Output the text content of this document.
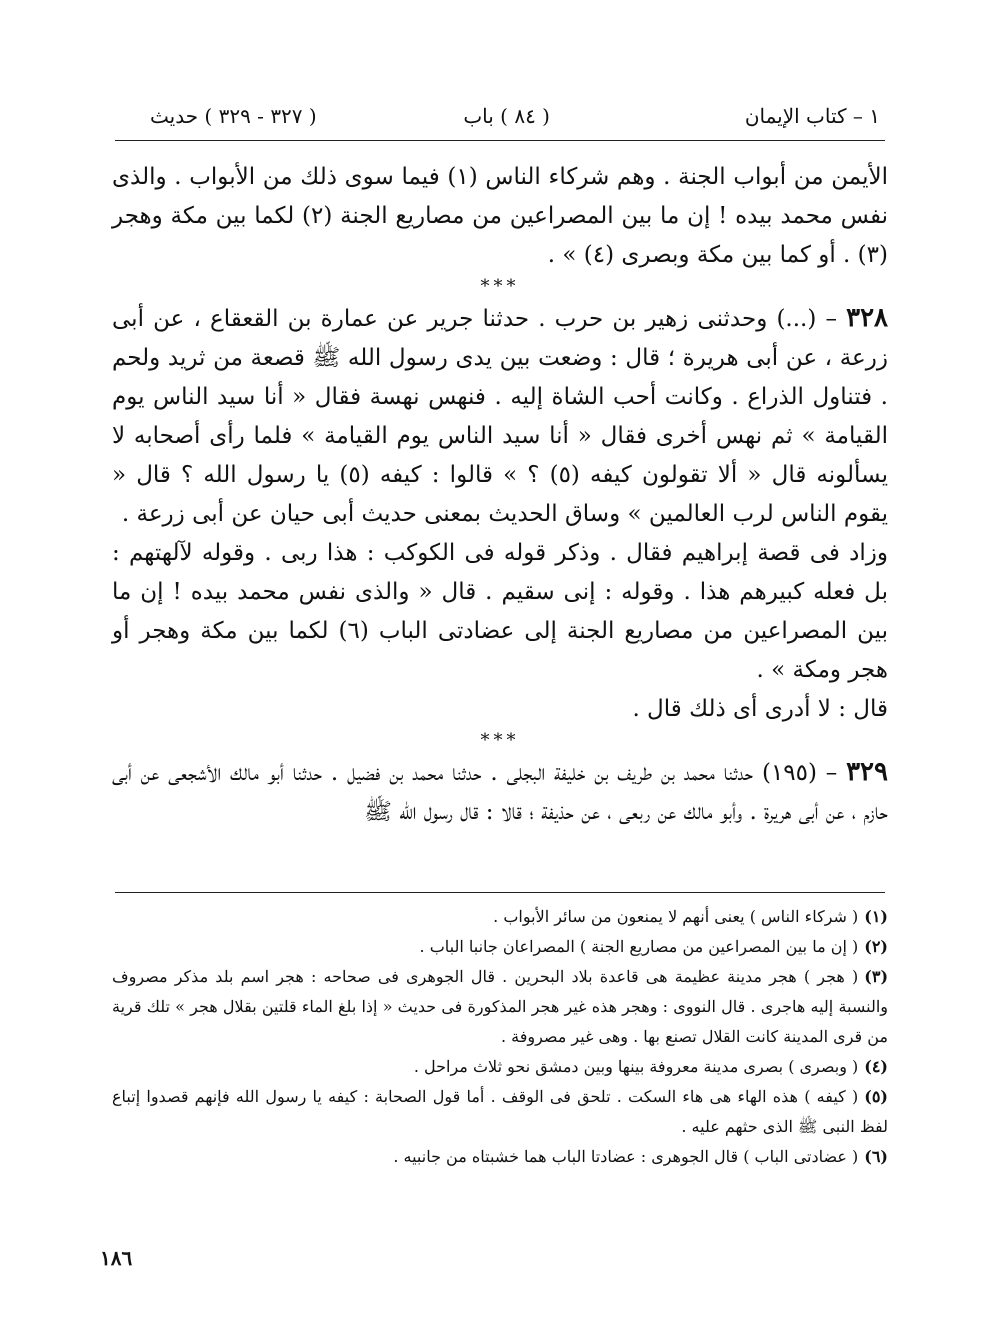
١ – كتاب الإيمان
( ٨٤ ) باب
( ٣٢٧ - ٣٢٩ ) حديث

الأيمن من أبواب الجنة . وهم شركاء الناس (١) فيما سوى ذلك من الأبواب . والذى نفس محمد بيده ! إن ما بين المصراعين من مصاريع الجنة (٢) لكما بين مكة وهجر (٣) . أو كما بين مكة وبصرى (٤) » .

***

٣٢٨ – (...) وحدثنى زهير بن حرب . حدثنا جرير عن عمارة بن القعقاع ، عن أبى زرعة ، عن أبى هريرة ؛ قال : وضعت بين يدى رسول الله ﷺ قصعة من ثريد ولحم . فتناول الذراع . وكانت أحب الشاة إليه . فنهس نهسة فقال « أنا سيد الناس يوم القيامة » ثم نهس أخرى فقال « أنا سيد الناس يوم القيامة » فلما رأى أصحابه لا يسألونه قال « ألا تقولون كيفه (٥) ؟ » قالوا : كيفه (٥) يا رسول الله ؟ قال « يقوم الناس لرب العالمين » وساق الحديث بمعنى حديث أبى حيان عن أبى زرعة .

وزاد فى قصة إبراهيم فقال . وذكر قوله فى الكوكب : هذا ربى . وقوله لآلهتهم : بل فعله كبيرهم هذا . وقوله : إنى سقيم . قال « والذى نفس محمد بيده ! إن ما بين المصراعين من مصاريع الجنة إلى عضادتى الباب (٦) لكما بين مكة وهجر أو هجر ومكة » .

قال : لا أدرى أى ذلك قال .

***

٣٢٩ – (١٩٥) حدثنا محمد بن طريف بن خليفة البجلى . حدثنا محمد بن فضيل . حدثنا أبو مالك الأشجعى عن أبى حازم ، عن أبى هريرة . وأبو مالك عن ربعى ، عن حذيفة ؛ قالا : قال رسول الله ﷺ

(١)( شركاء الناس ) يعنى أنهم لا يمنعون من سائر الأبواب .

(٢)( إن ما بين المصراعين من مصاريع الجنة ) المصراعان جانبا الباب .

(٣)( هجر ) هجر مدينة عظيمة هى قاعدة بلاد البحرين . قال الجوهرى فى صحاحه : هجر اسم بلد مذكر مصروف والنسبة إليه هاجرى . قال النووى : وهجر هذه غير هجر المذكورة فى حديث « إذا بلغ الماء قلتين بقلال هجر » تلك قرية من قرى المدينة كانت القلال تصنع بها . وهى غير مصروفة .

(٤)( وبصرى ) بصرى مدينة معروفة بينها وبين دمشق نحو ثلاث مراحل .

(٥)( كيفه ) هذه الهاء هى هاء السكت . تلحق فى الوقف . أما قول الصحابة : كيفه يا رسول الله فإنهم قصدوا إتباع لفظ النبى ﷺ الذى حثهم عليه .

(٦)( عضادتى الباب ) قال الجوهرى : عضادتا الباب هما خشبتاه من جانبيه .

١٨٦
